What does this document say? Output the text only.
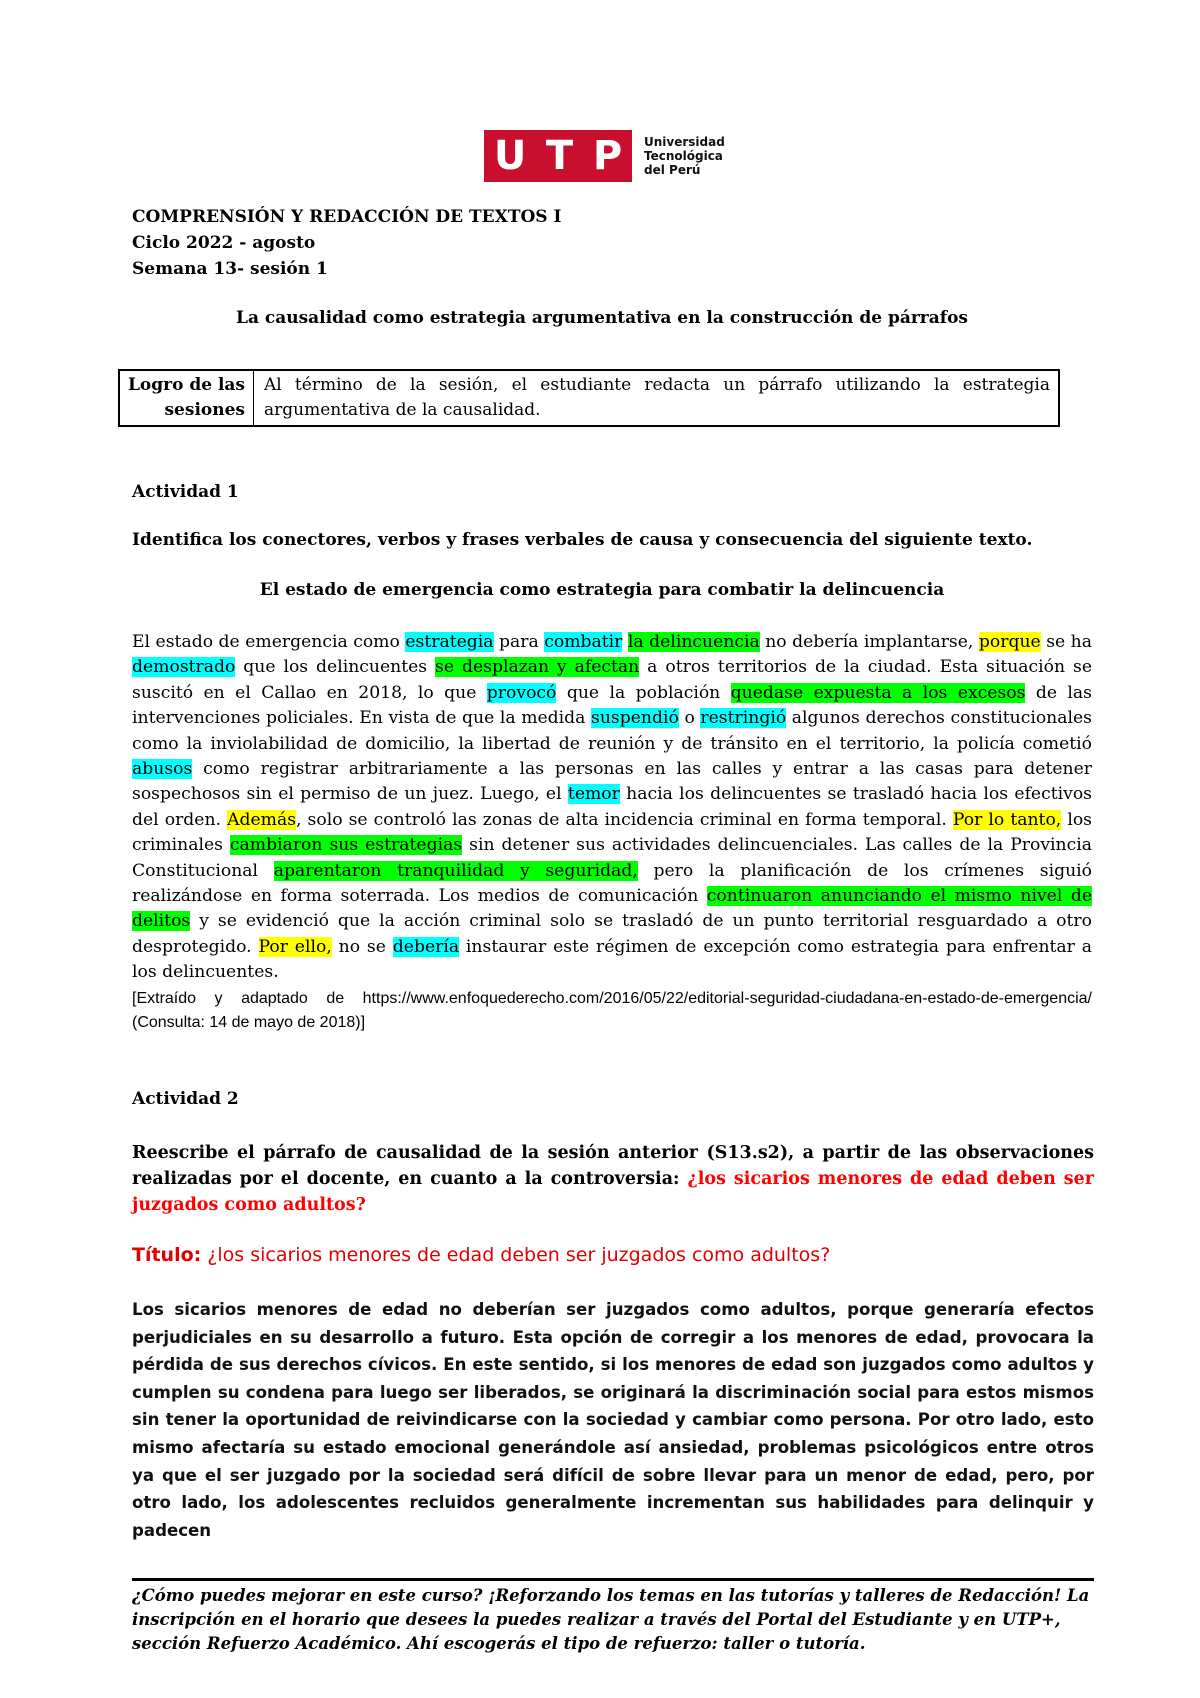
U T P Universidad
Tecnológica
del Perú
COMPRENSIÓN Y REDACCIÓN DE TEXTOS I
Ciclo 2022 - agosto
Semana 13- sesión 1
La causalidad como estrategia argumentativa en la construcción de párrafos
Logro de las sesiones
Al término de la sesión, el estudiante redacta un párrafo utilizando la estrategia argumentativa de la causalidad.
Actividad 1
Identifica los conectores, verbos y frases verbales de causa y consecuencia del siguiente texto.
El estado de emergencia como estrategia para combatir la delincuencia
El estado de emergencia como estrategia para combatir la delincuencia no debería implantarse, porque se ha demostrado que los delincuentes se desplazan y afectan a otros territorios de la ciudad. Esta situación se suscitó en el Callao en 2018, lo que provocó que la población quedase expuesta a los excesos de las intervenciones policiales. En vista de que la medida suspendió o restringió algunos derechos constitucionales como la inviolabilidad de domicilio, la libertad de reunión y de tránsito en el territorio, la policía cometió abusos como registrar arbitrariamente a las personas en las calles y entrar a las casas para detener sospechosos sin el permiso de un juez. Luego, el temor hacia los delincuentes se trasladó hacia los efectivos del orden. Además, solo se controló las zonas de alta incidencia criminal en forma temporal. Por lo tanto, los criminales cambiaron sus estrategias sin detener sus actividades delincuenciales. Las calles de la Provincia Constitucional aparentaron tranquilidad y seguridad, pero la planificación de los crímenes siguió realizándose en forma soterrada. Los medios de comunicación continuaron anunciando el mismo nivel de delitos y se evidenció que la acción criminal solo se trasladó de un punto territorial resguardado a otro desprotegido. Por ello, no se debería instaurar este régimen de excepción como estrategia para enfrentar a los delincuentes.
[Extraído y adaptado de https://www.enfoquederecho.com/2016/05/22/editorial-seguridad-ciudadana-en-estado-de-emergencia/ (Consulta: 14 de mayo de 2018)]
Actividad 2
Reescribe el párrafo de causalidad de la sesión anterior (S13.s2), a partir de las observaciones realizadas por el docente, en cuanto a la controversia: ¿los sicarios menores de edad deben ser juzgados como adultos?
Título: ¿los sicarios menores de edad deben ser juzgados como adultos?
Los sicarios menores de edad no deberían ser juzgados como adultos, porque generaría efectos perjudiciales en su desarrollo a futuro. Esta opción de corregir a los menores de edad, provocara la pérdida de sus derechos cívicos. En este sentido, si los menores de edad son juzgados como adultos y cumplen su condena para luego ser liberados, se originará la discriminación social para estos mismos sin tener la oportunidad de reivindicarse con la sociedad y cambiar como persona. Por otro lado, esto mismo afectaría su estado emocional generándole así ansiedad, problemas psicológicos entre otros ya que el ser juzgado por la sociedad será difícil de sobre llevar para un menor de edad, pero, por otro lado, los adolescentes recluidos generalmente incrementan sus habilidades para delinquir y padecen
¿Cómo puedes mejorar en este curso? ¡Reforzando los temas en las tutorías y talleres de Redacción! La inscripción en el horario que desees la puedes realizar a través del Portal del Estudiante y en UTP+, sección Refuerzo Académico. Ahí escogerás el tipo de refuerzo: taller o tutoría.
